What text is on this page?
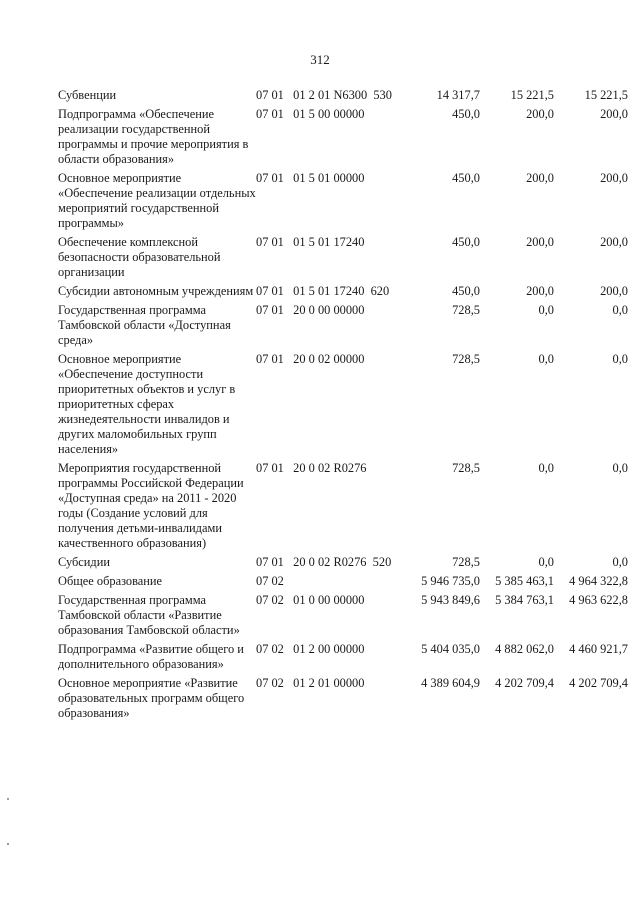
312
Субвенции	07 01   01 2 01 N6300  530	14 317,7	15 221,5	15 221,5
Подпрограмма «Обеспечение реализации государственной программы и прочие мероприятия в области образования»	07 01   01 5 00 00000	450,0	200,0	200,0
Основное мероприятие «Обеспечение реализации отдельных мероприятий государственной программы»	07 01   01 5 01 00000	450,0	200,0	200,0
Обеспечение комплексной безопасности образовательной организации	07 01   01 5 01 17240	450,0	200,0	200,0
Субсидии автономным учреждениям	07 01   01 5 01 17240  620	450,0	200,0	200,0
Государственная программа Тамбовской области «Доступная среда»	07 01   20 0 00 00000	728,5	0,0	0,0
Основное мероприятие «Обеспечение доступности приоритетных объектов и услуг в приоритетных сферах жизнедеятельности инвалидов и других маломобильных групп населения»	07 01   20 0 02 00000	728,5	0,0	0,0
Мероприятия государственной программы Российской Федерации «Доступная среда» на 2011 - 2020 годы (Создание условий для получения детьми-инвалидами качественного образования)	07 01   20 0 02 R0276	728,5	0,0	0,0
Субсидии	07 01   20 0 02 R0276  520	728,5	0,0	0,0
Общее образование	07 02	5 946 735,0	5 385 463,1	4 964 322,8
Государственная программа Тамбовской области «Развитие образования Тамбовской области»	07 02   01 0 00 00000	5 943 849,6	5 384 763,1	4 963 622,8
Подпрограмма «Развитие общего и дополнительного образования»	07 02   01 2 00 00000	5 404 035,0	4 882 062,0	4 460 921,7
Основное мероприятие «Развитие образовательных программ общего образования»	07 02   01 2 01 00000	4 389 604,9	4 202 709,4	4 202 709,4
